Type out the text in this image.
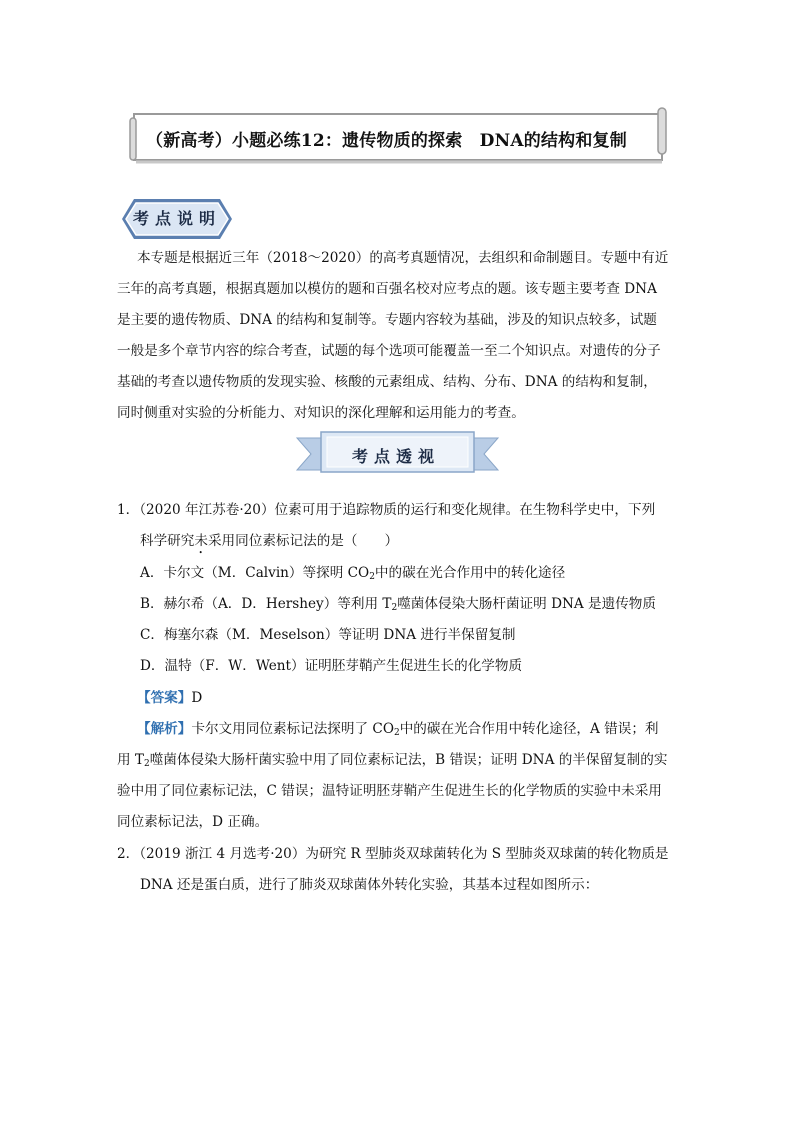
（新高考）小题必练12：遗传物质的探索　DNA的结构和复制
考点说明
本专题是根据近三年（2018～2020）的高考真题情况，去组织和命制题目。专题中有近
三年的高考真题，根据真题加以模仿的题和百强名校对应考点的题。该专题主要考查 DNA
是主要的遗传物质、DNA 的结构和复制等。专题内容较为基础，涉及的知识点较多，试题
一般是多个章节内容的综合考查，试题的每个选项可能覆盖一至二个知识点。对遗传的分子
基础的考查以遗传物质的发现实验、核酸的元素组成、结构、分布、DNA 的结构和复制，
同时侧重对实验的分析能力、对知识的深化理解和运用能力的考查。
考点透视
1．（2020 年江苏卷·20）位素可用于追踪物质的运行和变化规律。在生物科学史中，下列
科学研究未采用同位素标记法的是（　　）
A．卡尔文（M．Calvin）等探明 $CO_2$中的碳在光合作用中的转化途径
B．赫尔希（A．D．Hershey）等利用 $T_2$噬菌体侵染大肠杆菌证明 DNA 是遗传物质
C．梅塞尔森（M．Meselson）等证明 DNA 进行半保留复制
D．温特（F．W．Went）证明胚芽鞘产生促进生长的化学物质
【答案】D
【解析】卡尔文用同位素标记法探明了 $CO_2$中的碳在光合作用中转化途径，A 错误；利
用 $T_2$噬菌体侵染大肠杆菌实验中用了同位素标记法，B 错误；证明 DNA 的半保留复制的实
验中用了同位素标记法，C 错误；温特证明胚芽鞘产生促进生长的化学物质的实验中未采用
同位素标记法，D 正确。
2．（2019 浙江 4 月选考·20）为研究 R 型肺炎双球菌转化为 S 型肺炎双球菌的转化物质是
DNA 还是蛋白质，进行了肺炎双球菌体外转化实验，其基本过程如图所示：
